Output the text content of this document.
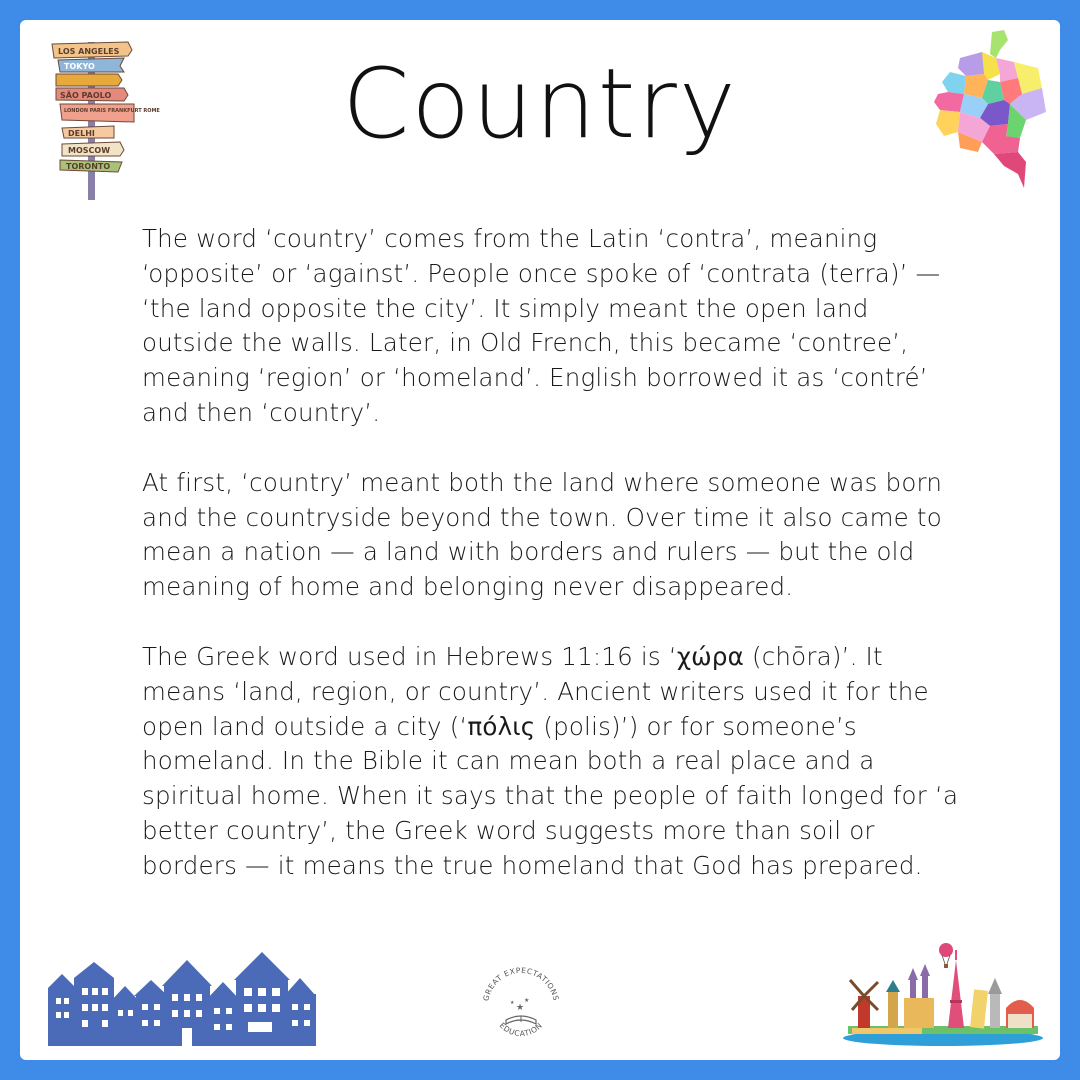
LOS ANGELES
TOKYO
SÃO PAOLO
LONDON PARIS FRANKFURT ROME
DELHI
MOSCOW
TORONTO
Country

The word ‘country’ comes from the Latin ‘contra’, meaning ‘opposite’ or ‘against’. People once spoke of ‘contrata (terra)’ — ‘the land opposite the city’. It simply meant the open land outside the walls. Later, in Old French, this became ‘contree’, meaning ‘region’ or ‘homeland’. English borrowed it as ‘contré’ and then ‘country’.

At first, ‘country’ meant both the land where someone was born and the countryside beyond the town. Over time it also came to mean a nation — a land with borders and rulers — but the old meaning of home and belonging never disappeared.

The Greek word used in Hebrews 11:16 is ‘χώρα (chōra)’. It means ‘land, region, or country’. Ancient writers used it for the open land outside a city (‘πόλις (polis)’) or for someone’s homeland. In the Bible it can mean both a real place and a spiritual home. When it says that the people of faith longed for ‘a better country’, the Greek word suggests more than soil or borders — it means the true homeland that God has prepared.

GREAT EXPECTATIONS
EDUCATION
★
★
★
